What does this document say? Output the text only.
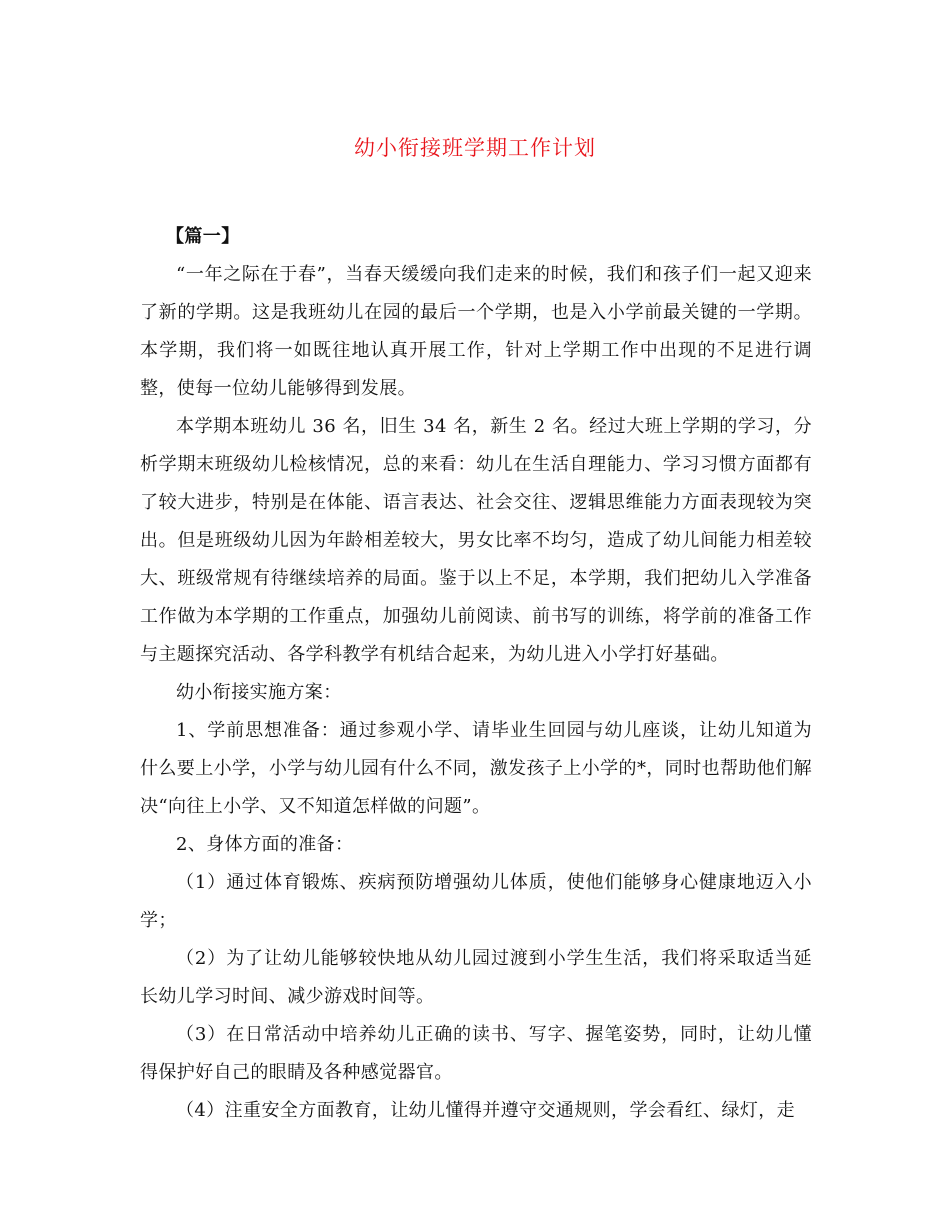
幼小衔接班学期工作计划

【篇一】

“一年之际在于春”，当春天缓缓向我们走来的时候，我们和孩子们一起又迎来了新的学期。这是我班幼儿在园的最后一个学期，也是入小学前最关键的一学期。本学期，我们将一如既往地认真开展工作，针对上学期工作中出现的不足进行调整，使每一位幼儿能够得到发展。

本学期本班幼儿 36 名，旧生 34 名，新生 2 名。经过大班上学期的学习，分析学期末班级幼儿检核情况，总的来看：幼儿在生活自理能力、学习习惯方面都有了较大进步，特别是在体能、语言表达、社会交往、逻辑思维能力方面表现较为突出。但是班级幼儿因为年龄相差较大，男女比率不均匀，造成了幼儿间能力相差较大、班级常规有待继续培养的局面。鉴于以上不足，本学期，我们把幼儿入学准备工作做为本学期的工作重点，加强幼儿前阅读、前书写的训练，将学前的准备工作与主题探究活动、各学科教学有机结合起来，为幼儿进入小学打好基础。

幼小衔接实施方案：

1、学前思想准备：通过参观小学、请毕业生回园与幼儿座谈，让幼儿知道为什么要上小学，小学与幼儿园有什么不同，激发孩子上小学的*，同时也帮助他们解决“向往上小学、又不知道怎样做的问题”。

2、身体方面的准备：

（1）通过体育锻炼、疾病预防增强幼儿体质，使他们能够身心健康地迈入小学；

（2）为了让幼儿能够较快地从幼儿园过渡到小学生生活，我们将采取适当延长幼儿学习时间、减少游戏时间等。

（3）在日常活动中培养幼儿正确的读书、写字、握笔姿势，同时，让幼儿懂得保护好自己的眼睛及各种感觉器官。

（4）注重安全方面教育，让幼儿懂得并遵守交通规则，学会看红、绿灯，走
